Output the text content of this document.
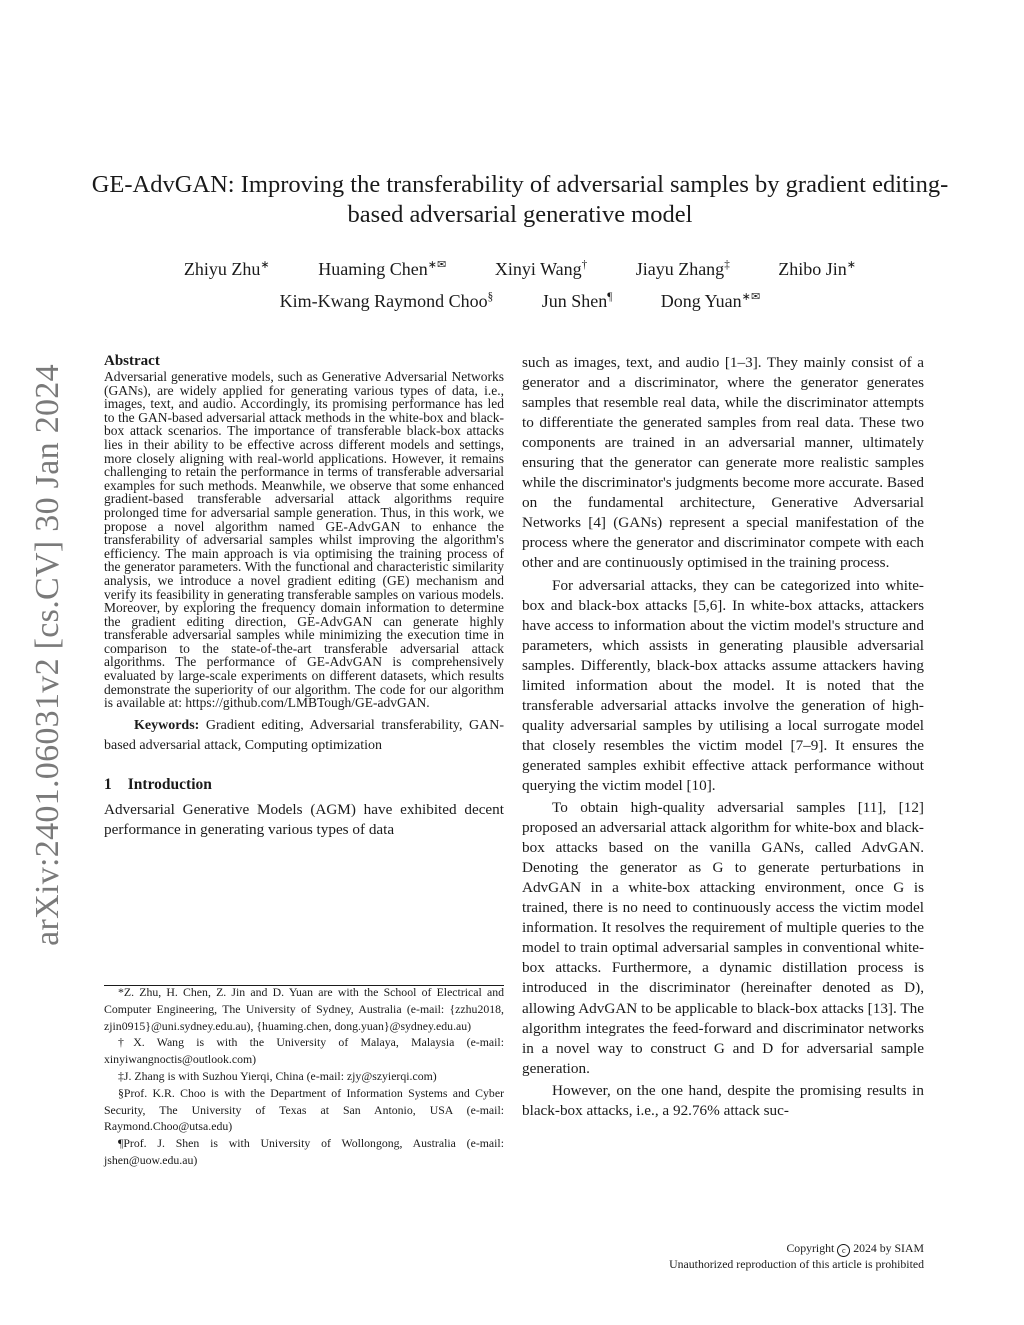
arXiv:2401.06031v2 [cs.CV] 30 Jan 2024
GE-AdvGAN: Improving the transferability of adversarial samples by gradient editing-based adversarial generative model
Zhiyu Zhu∗	Huaming Chen∗✉	Xinyi Wang†	Jiayu Zhang‡	Zhibo Jin∗
Kim-Kwang Raymond Choo§	Jun Shen¶	Dong Yuan∗✉

Abstract

Adversarial generative models, such as Generative Adversarial Networks (GANs), are widely applied for generating various types of data, i.e., images, text, and audio. Accordingly, its promising performance has led to the GAN-based adversarial attack methods in the white-box and black-box attack scenarios. The importance of transferable black-box attacks lies in their ability to be effective across different models and settings, more closely aligning with real-world applications. However, it remains challenging to retain the performance in terms of transferable adversarial examples for such methods. Meanwhile, we observe that some enhanced gradient-based transferable adversarial attack algorithms require prolonged time for adversarial sample generation. Thus, in this work, we propose a novel algorithm named GE-AdvGAN to enhance the transferability of adversarial samples whilst improving the algorithm's efficiency. The main approach is via optimising the training process of the generator parameters. With the functional and characteristic similarity analysis, we introduce a novel gradient editing (GE) mechanism and verify its feasibility in generating transferable samples on various models. Moreover, by exploring the frequency domain information to determine the gradient editing direction, GE-AdvGAN can generate highly transferable adversarial samples while minimizing the execution time in comparison to the state-of-the-art transferable adversarial attack algorithms. The performance of GE-AdvGAN is comprehensively evaluated by large-scale experiments on different datasets, which results demonstrate the superiority of our algorithm. The code for our algorithm is available at: https://github.com/LMBTough/GE-advGAN.

Keywords: Gradient editing, Adversarial transferability, GAN-based adversarial attack, Computing optimization

1 Introduction

Adversarial Generative Models (AGM) have exhibited decent performance in generating various types of data

*Z. Zhu, H. Chen, Z. Jin and D. Yuan are with the School of Electrical and Computer Engineering, The University of Sydney, Australia (e-mail: {zzhu2018, zjin0915}@uni.sydney.edu.au), {huaming.chen, dong.yuan}@sydney.edu.au)

†X. Wang is with the University of Malaya, Malaysia (e-mail: xinyiwangnoctis@outlook.com)

‡J. Zhang is with Suzhou Yierqi, China (e-mail: zjy@szyierqi.com)

§Prof. K.R. Choo is with the Department of Information Systems and Cyber Security, The University of Texas at San Antonio, USA (e-mail: Raymond.Choo@utsa.edu)

¶Prof. J. Shen is with University of Wollongong, Australia (e-mail: jshen@uow.edu.au)

such as images, text, and audio [1–3]. They mainly consist of a generator and a discriminator, where the generator generates samples that resemble real data, while the discriminator attempts to differentiate the generated samples from real data. These two components are trained in an adversarial manner, ultimately ensuring that the generator can generate more realistic samples while the discriminator's judgments become more accurate. Based on the fundamental architecture, Generative Adversarial Networks [4] (GANs) represent a special manifestation of the process where the generator and discriminator compete with each other and are continuously optimised in the training process.

For adversarial attacks, they can be categorized into white-box and black-box attacks [5,6]. In white-box attacks, attackers have access to information about the victim model's structure and parameters, which assists in generating plausible adversarial samples. Differently, black-box attacks assume attackers having limited information about the model. It is noted that the transferable adversarial attacks involve the generation of high-quality adversarial samples by utilising a local surrogate model that closely resembles the victim model [7–9]. It ensures the generated samples exhibit effective attack performance without querying the victim model [10].

To obtain high-quality adversarial samples [11], [12] proposed an adversarial attack algorithm for white-box and black-box attacks based on the vanilla GANs, called AdvGAN. Denoting the generator as G to generate perturbations in AdvGAN in a white-box attacking environment, once G is trained, there is no need to continuously access the victim model information. It resolves the requirement of multiple queries to the model to train optimal adversarial samples in conventional white-box attacks. Furthermore, a dynamic distillation process is introduced in the discriminator (hereinafter denoted as D), allowing AdvGAN to be applicable to black-box attacks [13]. The algorithm integrates the feed-forward and discriminator networks in a novel way to construct G and D for adversarial sample generation.

However, on the one hand, despite the promising results in black-box attacks, i.e., a 92.76% attack suc-

Copyright c 2024 by SIAM
Unauthorized reproduction of this article is prohibited
